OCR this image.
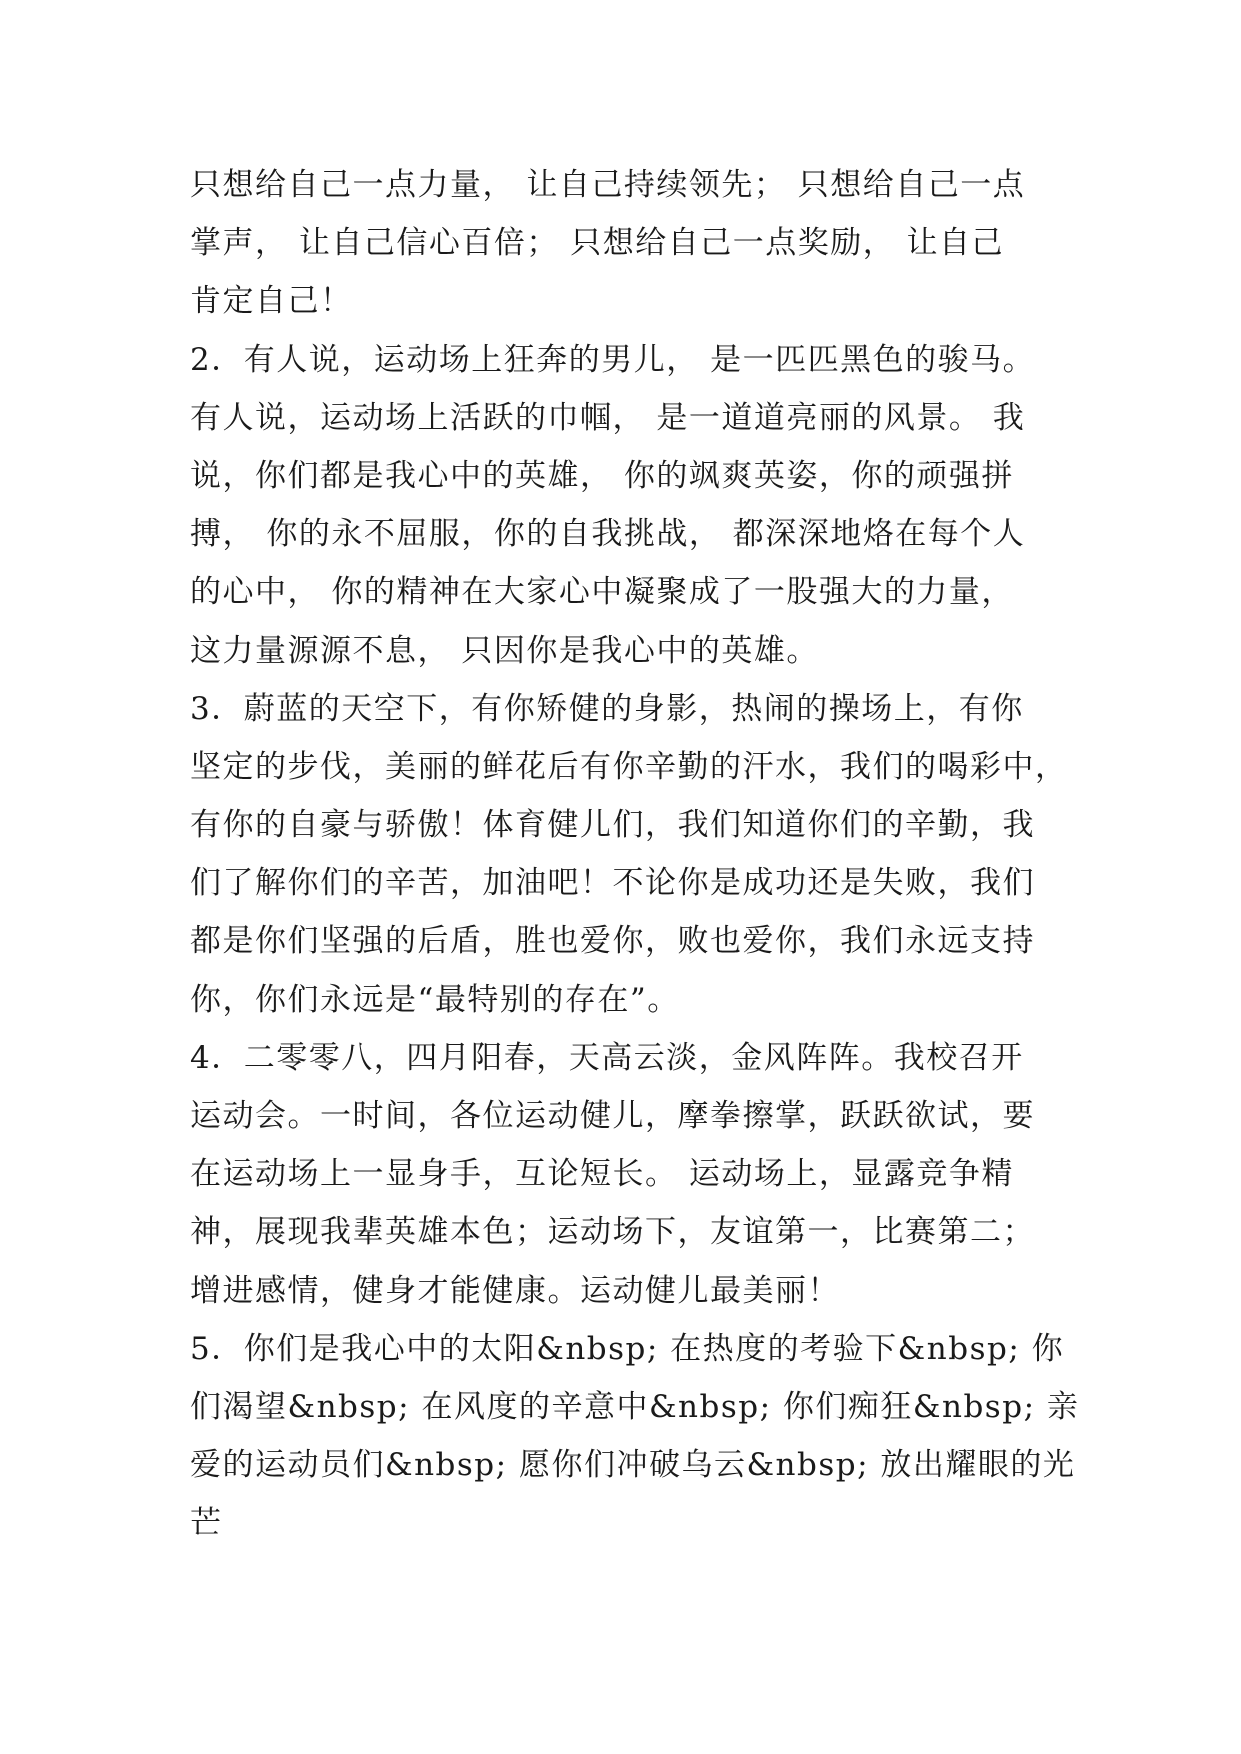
只想给自己一点力量， 让自己持续领先； 只想给自己一点
掌声， 让自己信心百倍； 只想给自己一点奖励， 让自己
肯定自己！
2．有人说，运动场上狂奔的男儿， 是一匹匹黑色的骏马。
有人说，运动场上活跃的巾帼， 是一道道亮丽的风景。 我
说，你们都是我心中的英雄， 你的飒爽英姿，你的顽强拼
搏， 你的永不屈服，你的自我挑战， 都深深地烙在每个人
的心中， 你的精神在大家心中凝聚成了一股强大的力量，
这力量源源不息， 只因你是我心中的英雄。
3．蔚蓝的天空下，有你矫健的身影，热闹的操场上，有你
坚定的步伐，美丽的鲜花后有你辛勤的汗水，我们的喝彩中，
有你的自豪与骄傲！体育健儿们，我们知道你们的辛勤，我
们了解你们的辛苦，加油吧！不论你是成功还是失败，我们
都是你们坚强的后盾，胜也爱你，败也爱你，我们永远支持
你，你们永远是“最特别的存在”。
4．二零零八，四月阳春，天高云淡，金风阵阵。我校召开
运动会。一时间，各位运动健儿，摩拳擦掌，跃跃欲试，要
在运动场上一显身手，互论短长。 运动场上，显露竞争精
神，展现我辈英雄本色；运动场下，友谊第一，比赛第二；
增进感情，健身才能健康。运动健儿最美丽！
5．你们是我心中的太阳&nbsp; 在热度的考验下&nbsp; 你
们渴望&nbsp; 在风度的辛意中&nbsp; 你们痴狂&nbsp; 亲
爱的运动员们&nbsp; 愿你们冲破乌云&nbsp; 放出耀眼的光
芒
